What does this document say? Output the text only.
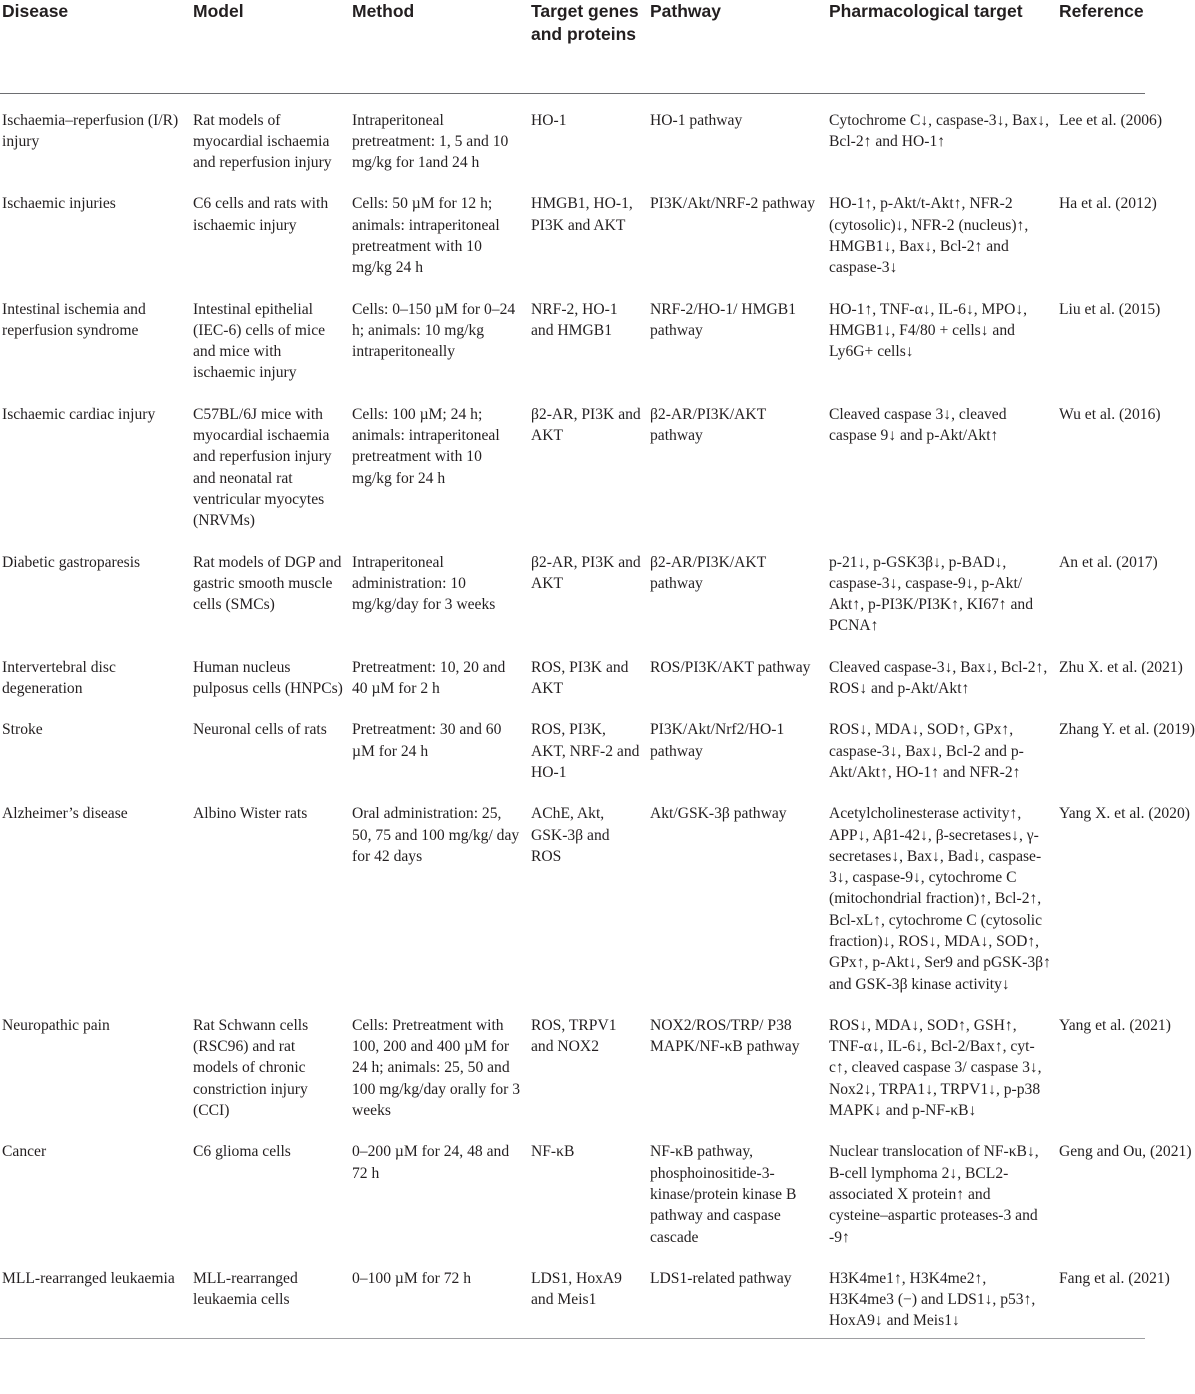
Disease	Model	Method	Target genes and proteins	Pathway	Pharmacological target	Reference
Ischaemia–reperfusion (I/R) injury	Rat models of myocardial ischaemia and reperfusion injury	Intraperitoneal pretreatment: 1, 5 and 10 mg/kg for 1and 24 h	HO-1	HO-1 pathway	Cytochrome C↓, caspase-3↓, Bax↓, Bcl-2↑ and HO-1↑	Lee et al. (2006)
Ischaemic injuries	C6 cells and rats with ischaemic injury	Cells: 50 µM for 12 h; animals: intraperitoneal pretreatment with 10 mg/kg 24 h	HMGB1, HO-1, PI3K and AKT	PI3K/Akt/NRF-2 pathway	HO-1↑, p-Akt/t-Akt↑, NFR-2 (cytosolic)↓, NFR-2 (nucleus)↑, HMGB1↓, Bax↓, Bcl-2↑ and caspase-3↓	Ha et al. (2012)
Intestinal ischemia and reperfusion syndrome	Intestinal epithelial (IEC-6) cells of mice and mice with ischaemic injury	Cells: 0–150 µM for 0–24 h; animals: 10 mg/kg intraperitoneally	NRF-2, HO-1 and HMGB1	NRF-2/HO-1/ HMGB1 pathway	HO-1↑, TNF-α↓, IL-6↓, MPO↓, HMGB1↓, F4/80 + cells↓ and Ly6G+ cells↓	Liu et al. (2015)
Ischaemic cardiac injury	C57BL/6J mice with myocardial ischaemia and reperfusion injury and neonatal rat ventricular myocytes (NRVMs)	Cells: 100 µM; 24 h; animals: intraperitoneal pretreatment with 10 mg/kg for 24 h	β2-AR, PI3K and AKT	β2-AR/PI3K/AKT pathway	Cleaved caspase 3↓, cleaved caspase 9↓ and p-Akt/Akt↑	Wu et al. (2016)
Diabetic gastroparesis	Rat models of DGP and gastric smooth muscle cells (SMCs)	Intraperitoneal administration: 10 mg/kg/day for 3 weeks	β2-AR, PI3K and AKT	β2-AR/PI3K/AKT pathway	p-21↓, p-GSK3β↓, p-BAD↓, caspase-3↓, caspase-9↓, p-Akt/ Akt↑, p-PI3K/PI3K↑, KI67↑ and PCNA↑	An et al. (2017)
Intervertebral disc degeneration	Human nucleus pulposus cells (HNPCs)	Pretreatment: 10, 20 and 40 µM for 2 h	ROS, PI3K and AKT	ROS/PI3K/AKT pathway	Cleaved caspase-3↓, Bax↓, Bcl-2↑, ROS↓ and p-Akt/Akt↑	Zhu X. et al. (2021)
Stroke	Neuronal cells of rats	Pretreatment: 30 and 60 µM for 24 h	ROS, PI3K, AKT, NRF-2 and HO-1	PI3K/Akt/Nrf2/HO-1 pathway	ROS↓, MDA↓, SOD↑, GPx↑, caspase-3↓, Bax↓, Bcl-2 and p-Akt/Akt↑, HO-1↑ and NFR-2↑	Zhang Y. et al. (2019)
Alzheimer’s disease	Albino Wister rats	Oral administration: 25, 50, 75 and 100 mg/kg/ day for 42 days	AChE, Akt, GSK-3β and ROS	Akt/GSK-3β pathway	Acetylcholinesterase activity↑, APP↓, Aβ1-42↓, β-secretases↓, γ-secretases↓, Bax↓, Bad↓, caspase-3↓, caspase-9↓, cytochrome C (mitochondrial fraction)↑, Bcl-2↑, Bcl-xL↑, cytochrome C (cytosolic fraction)↓, ROS↓, MDA↓, SOD↑, GPx↑, p-Akt↓, Ser9 and pGSK-3β↑ and GSK-3β kinase activity↓	Yang X. et al. (2020)
Neuropathic pain	Rat Schwann cells (RSC96) and rat models of chronic constriction injury (CCI)	Cells: Pretreatment with 100, 200 and 400 µM for 24 h; animals: 25, 50 and 100 mg/kg/day orally for 3 weeks	ROS, TRPV1 and NOX2	NOX2/ROS/TRP/ P38 MAPK/NF-κB pathway	ROS↓, MDA↓, SOD↑, GSH↑, TNF-α↓, IL-6↓, Bcl-2/Bax↑, cyt-c↑, cleaved caspase 3/ caspase 3↓, Nox2↓, TRPA1↓, TRPV1↓, p-p38 MAPK↓ and p-NF-κB↓	Yang et al. (2021)
Cancer	C6 glioma cells	0–200 µM for 24, 48 and 72 h	NF-κB	NF-κB pathway, phosphoinositide-3-kinase/protein kinase B pathway and caspase cascade	Nuclear translocation of NF-κB↓, B-cell lymphoma 2↓, BCL2- associated X protein↑ and cysteine–aspartic proteases-3 and -9↑	Geng and Ou, (2021)
MLL-rearranged leukaemia	MLL-rearranged leukaemia cells	0–100 µM for 72 h	LDS1, HoxA9 and Meis1	LDS1-related pathway	H3K4me1↑, H3K4me2↑, H3K4me3 (−) and LDS1↓, p53↑, HoxA9↓ and Meis1↓	Fang et al. (2021)
